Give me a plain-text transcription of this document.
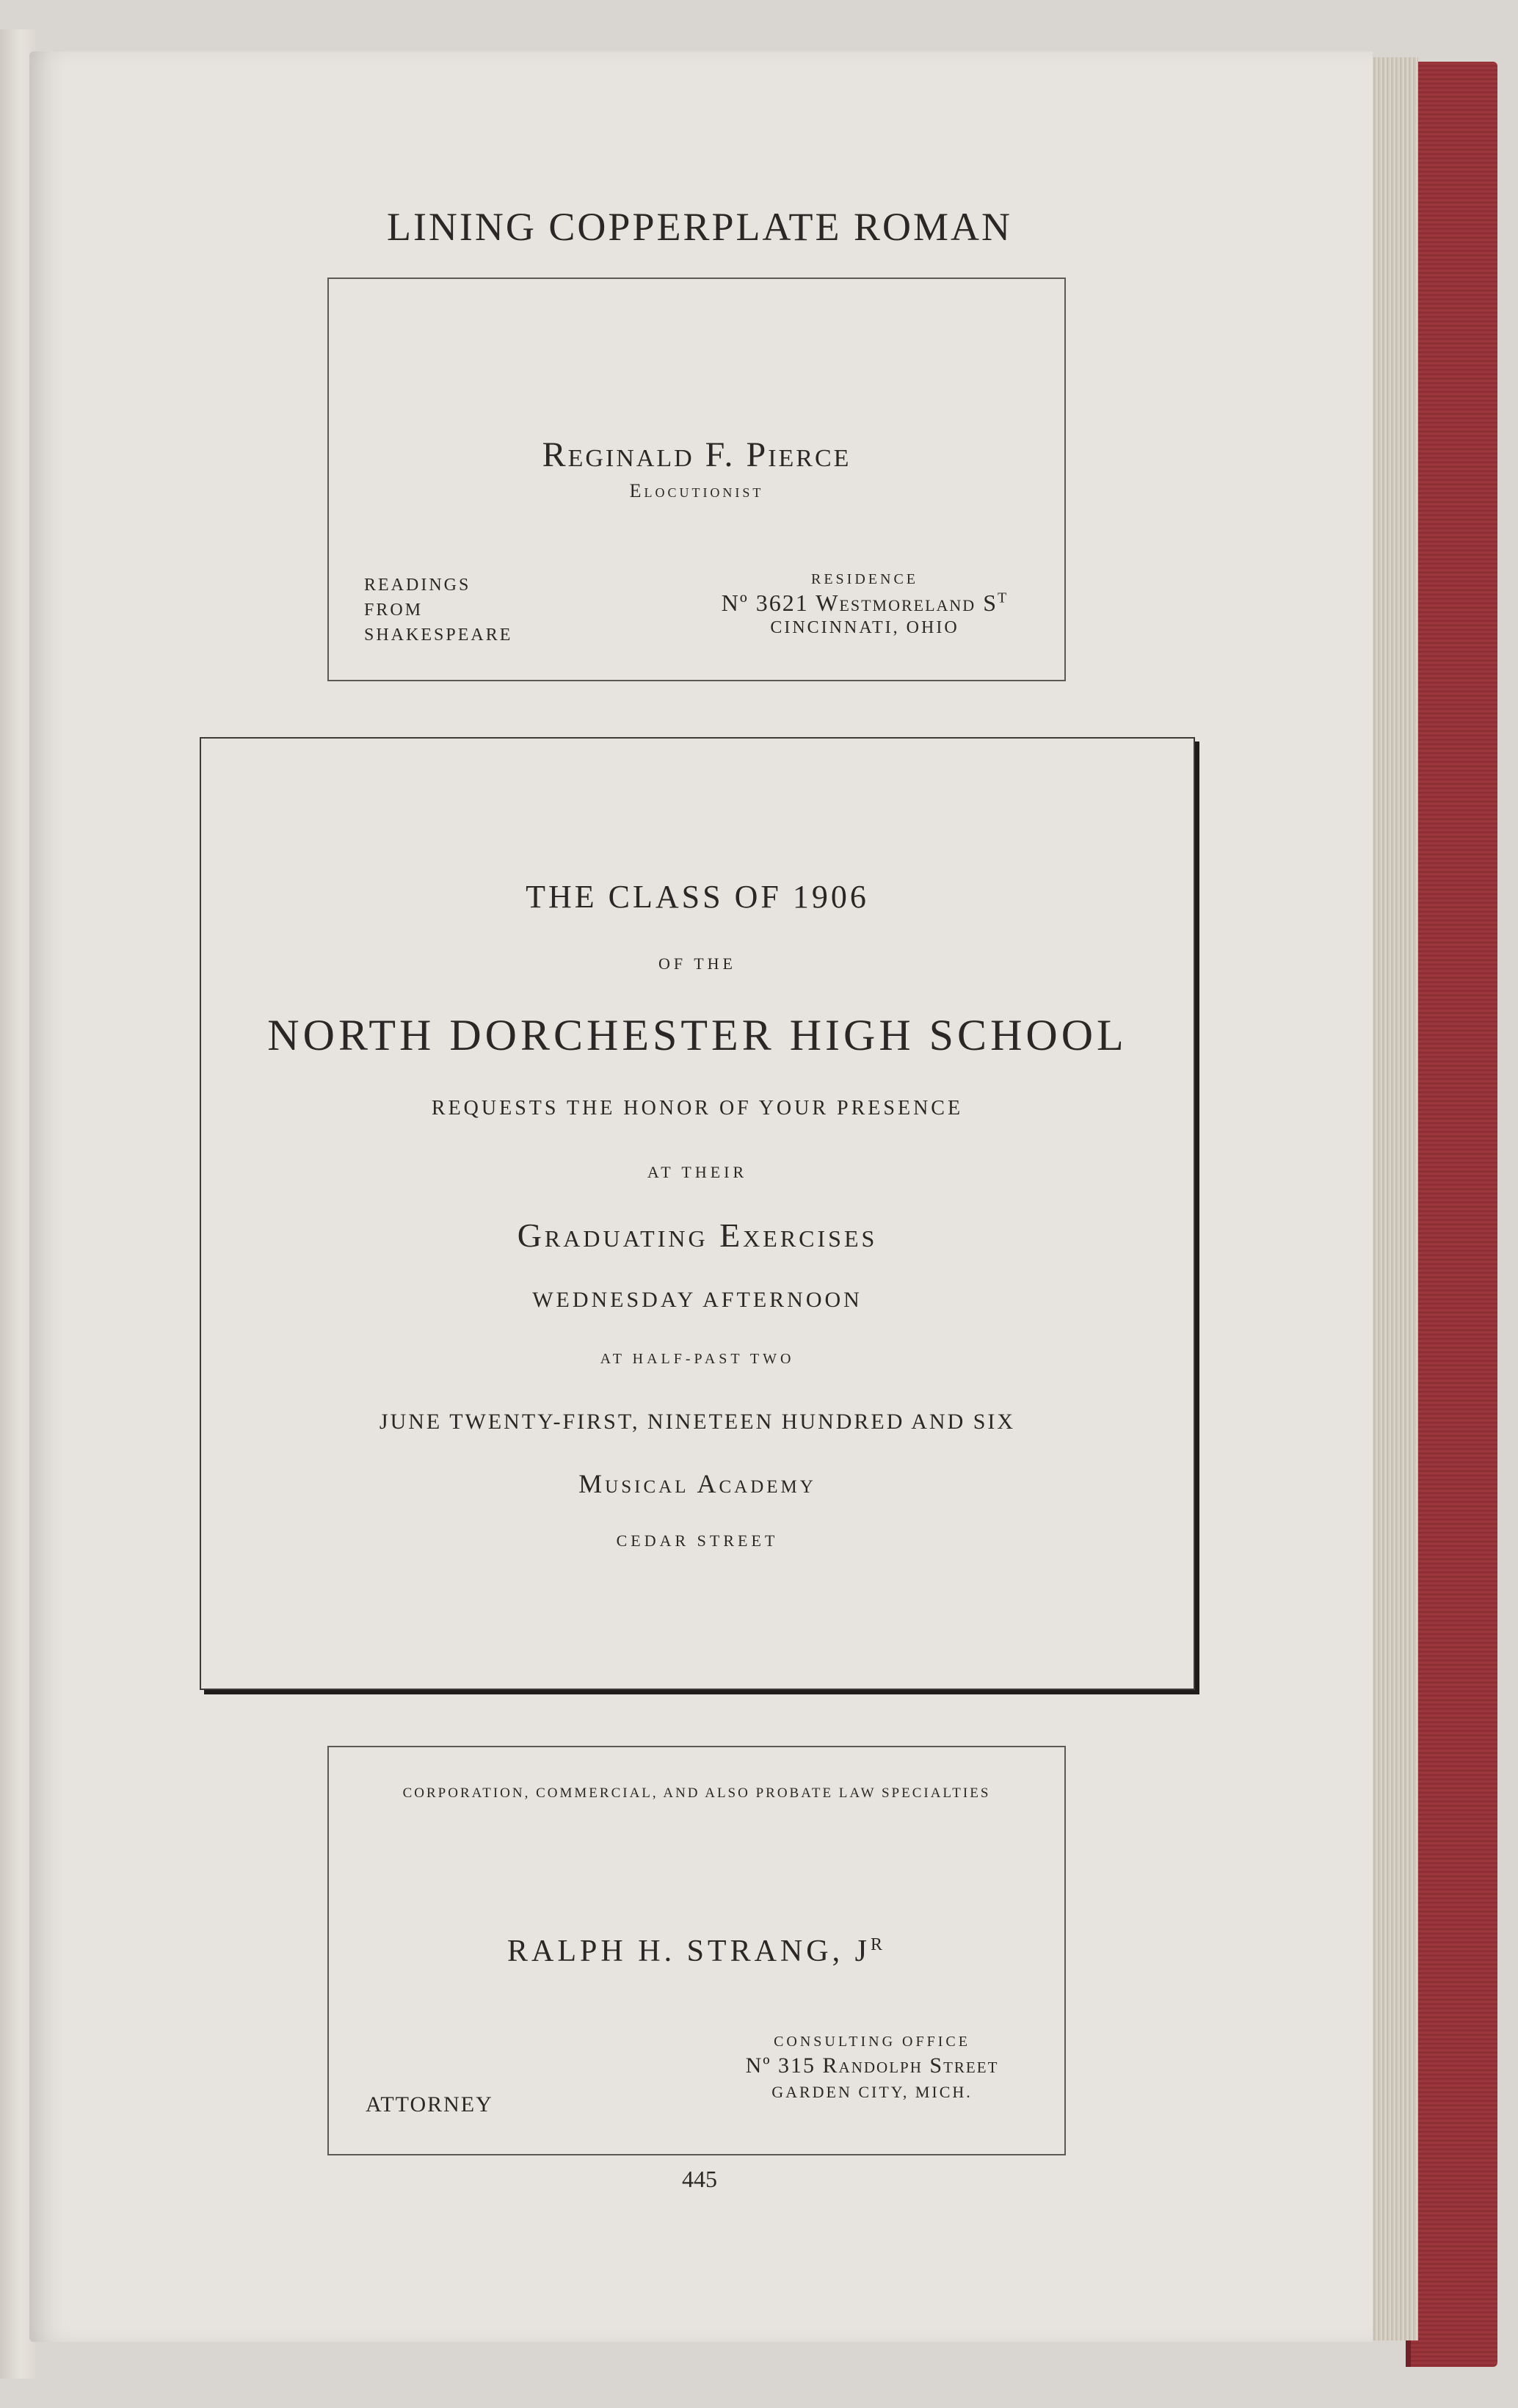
LINING COPPERPLATE ROMAN
Reginald F. Pierce
Elocutionist
READINGS
FROM
SHAKESPEARE
RESIDENCE
Nº 3621 Westmoreland $S^T$
CINCINNATI, OHIO
THE CLASS OF 1906
OF THE
NORTH DORCHESTER HIGH SCHOOL
REQUESTS THE HONOR OF YOUR PRESENCE
AT THEIR
Graduating Exercises
WEDNESDAY AFTERNOON
AT HALF-PAST TWO
JUNE TWENTY-FIRST, NINETEEN HUNDRED AND SIX
Musical Academy
CEDAR STREET
CORPORATION, COMMERCIAL, AND ALSO PROBATE LAW SPECIALTIES
RALPH H. STRANG, $J^R$
CONSULTING OFFICE
Nº 315 Randolph Street
GARDEN CITY, MICH.
ATTORNEY
445
